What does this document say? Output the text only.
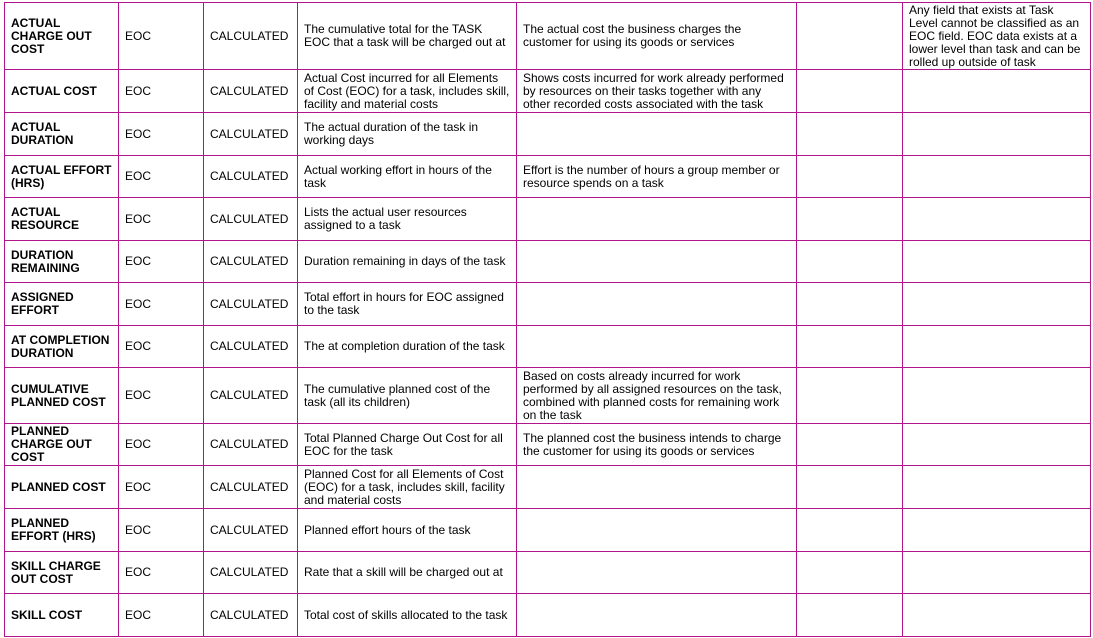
ACTUAL CHARGE OUT COST	EOC	CALCULATED	The cumulative total for the TASK EOC that a task will be charged out at	The actual cost the business charges the customer for using its goods or services		Any field that exists at Task Level cannot be classified as an EOC field. EOC data exists at a lower level than task and can be rolled up outside of task
ACTUAL COST	EOC	CALCULATED	Actual Cost incurred for all Elements of Cost (EOC) for a task, includes skill, facility and material costs	Shows costs incurred for work already performed by resources on their tasks together with any other recorded costs associated with the task		
ACTUAL DURATION	EOC	CALCULATED	The actual duration of the task in working days			
ACTUAL EFFORT (HRS)	EOC	CALCULATED	Actual working effort in hours of the task	Effort is the number of hours a group member or resource spends on a task		
ACTUAL RESOURCE	EOC	CALCULATED	Lists the actual user resources assigned to a task			
DURATION REMAINING	EOC	CALCULATED	Duration remaining in days of the task			
ASSIGNED EFFORT	EOC	CALCULATED	Total effort in hours for EOC assigned to the task			
AT COMPLETION DURATION	EOC	CALCULATED	The at completion duration of the task			
CUMULATIVE PLANNED COST	EOC	CALCULATED	The cumulative planned cost of the task (all its children)	Based on costs already incurred for work performed by all assigned resources on the task, combined with planned costs for remaining work on the task		
PLANNED CHARGE OUT COST	EOC	CALCULATED	Total Planned Charge Out Cost for all EOC for the task	The planned cost the business intends to charge the customer for using its goods or services		
PLANNED COST	EOC	CALCULATED	Planned Cost for all Elements of Cost (EOC) for a task, includes skill, facility and material costs			
PLANNED EFFORT (HRS)	EOC	CALCULATED	Planned effort hours of the task			
SKILL CHARGE OUT COST	EOC	CALCULATED	Rate that a skill will be charged out at			
SKILL COST	EOC	CALCULATED	Total cost of skills allocated to the task			
